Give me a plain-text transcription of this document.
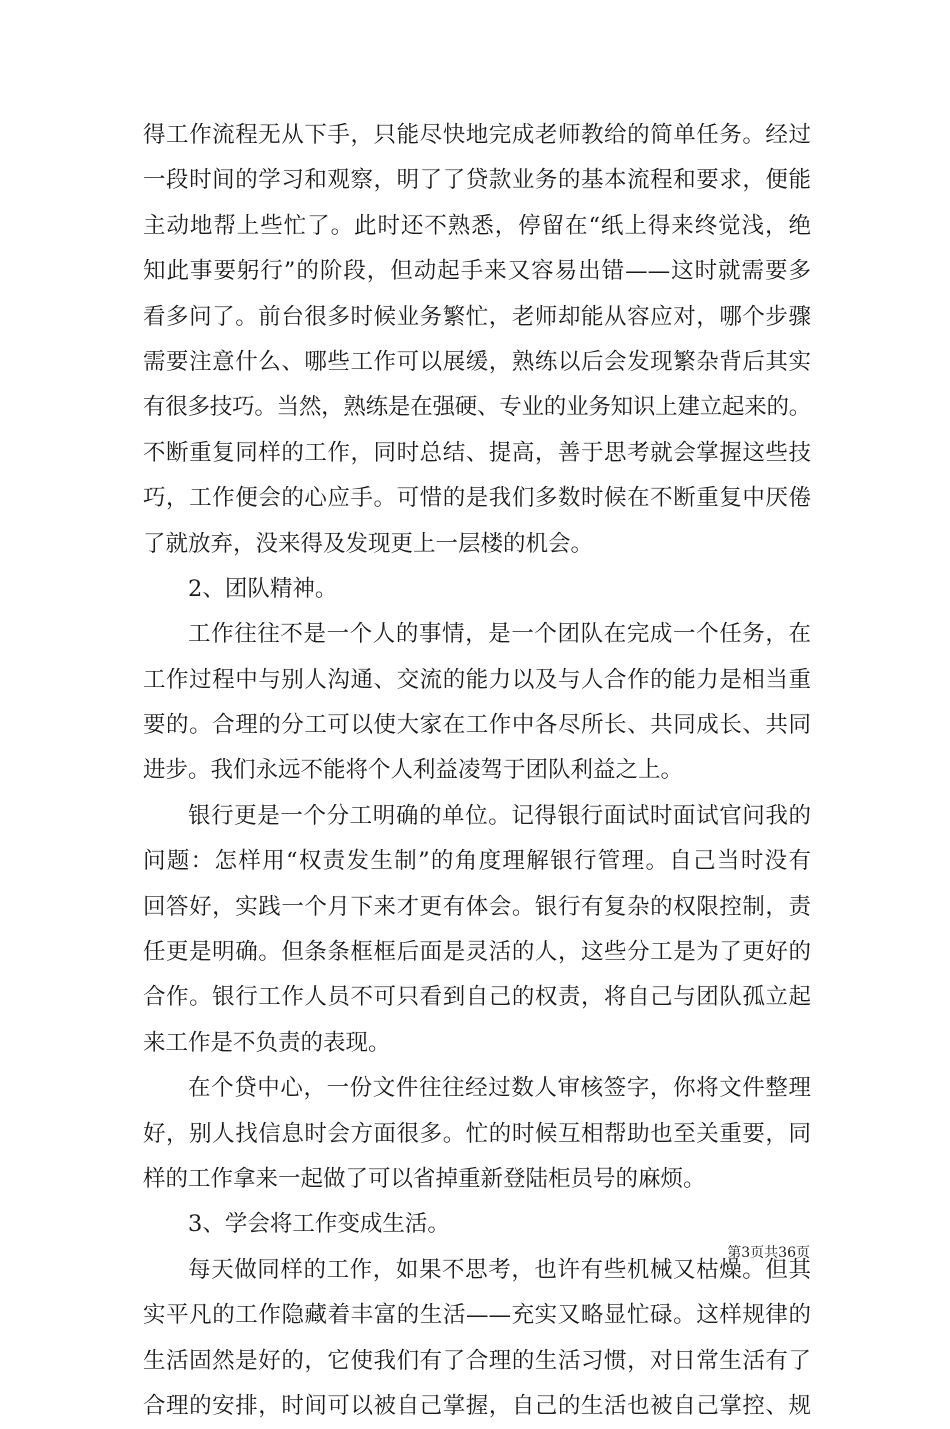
得工作流程无从下手，只能尽快地完成老师教给的简单任务。经过
一段时间的学习和观察，明了了贷款业务的基本流程和要求，便能
主动地帮上些忙了。此时还不熟悉，停留在“纸上得来终觉浅，绝
知此事要躬行”的阶段，但动起手来又容易出错——这时就需要多
看多问了。前台很多时候业务繁忙，老师却能从容应对，哪个步骤
需要注意什么、哪些工作可以展缓，熟练以后会发现繁杂背后其实
有很多技巧。当然，熟练是在强硬、专业的业务知识上建立起来的。
不断重复同样的工作，同时总结、提高，善于思考就会掌握这些技
巧，工作便会的心应手。可惜的是我们多数时候在不断重复中厌倦
了就放弃，没来得及发现更上一层楼的机会。
2、团队精神。
工作往往不是一个人的事情，是一个团队在完成一个任务，在
工作过程中与别人沟通、交流的能力以及与人合作的能力是相当重
要的。合理的分工可以使大家在工作中各尽所长、共同成长、共同
进步。我们永远不能将个人利益凌驾于团队利益之上。
银行更是一个分工明确的单位。记得银行面试时面试官问我的
问题：怎样用“权责发生制”的角度理解银行管理。自己当时没有
回答好，实践一个月下来才更有体会。银行有复杂的权限控制，责
任更是明确。但条条框框后面是灵活的人，这些分工是为了更好的
合作。银行工作人员不可只看到自己的权责，将自己与团队孤立起
来工作是不负责的表现。
在个贷中心，一份文件往往经过数人审核签字，你将文件整理
好，别人找信息时会方面很多。忙的时候互相帮助也至关重要，同
样的工作拿来一起做了可以省掉重新登陆柜员号的麻烦。
3、学会将工作变成生活。
每天做同样的工作，如果不思考，也许有些机械又枯燥。但其
实平凡的工作隐藏着丰富的生活——充实又略显忙碌。这样规律的
生活固然是好的，它使我们有了合理的生活习惯，对日常生活有了
合理的安排，时间可以被自己掌握，自己的生活也被自己掌控、规
第3页共36页
